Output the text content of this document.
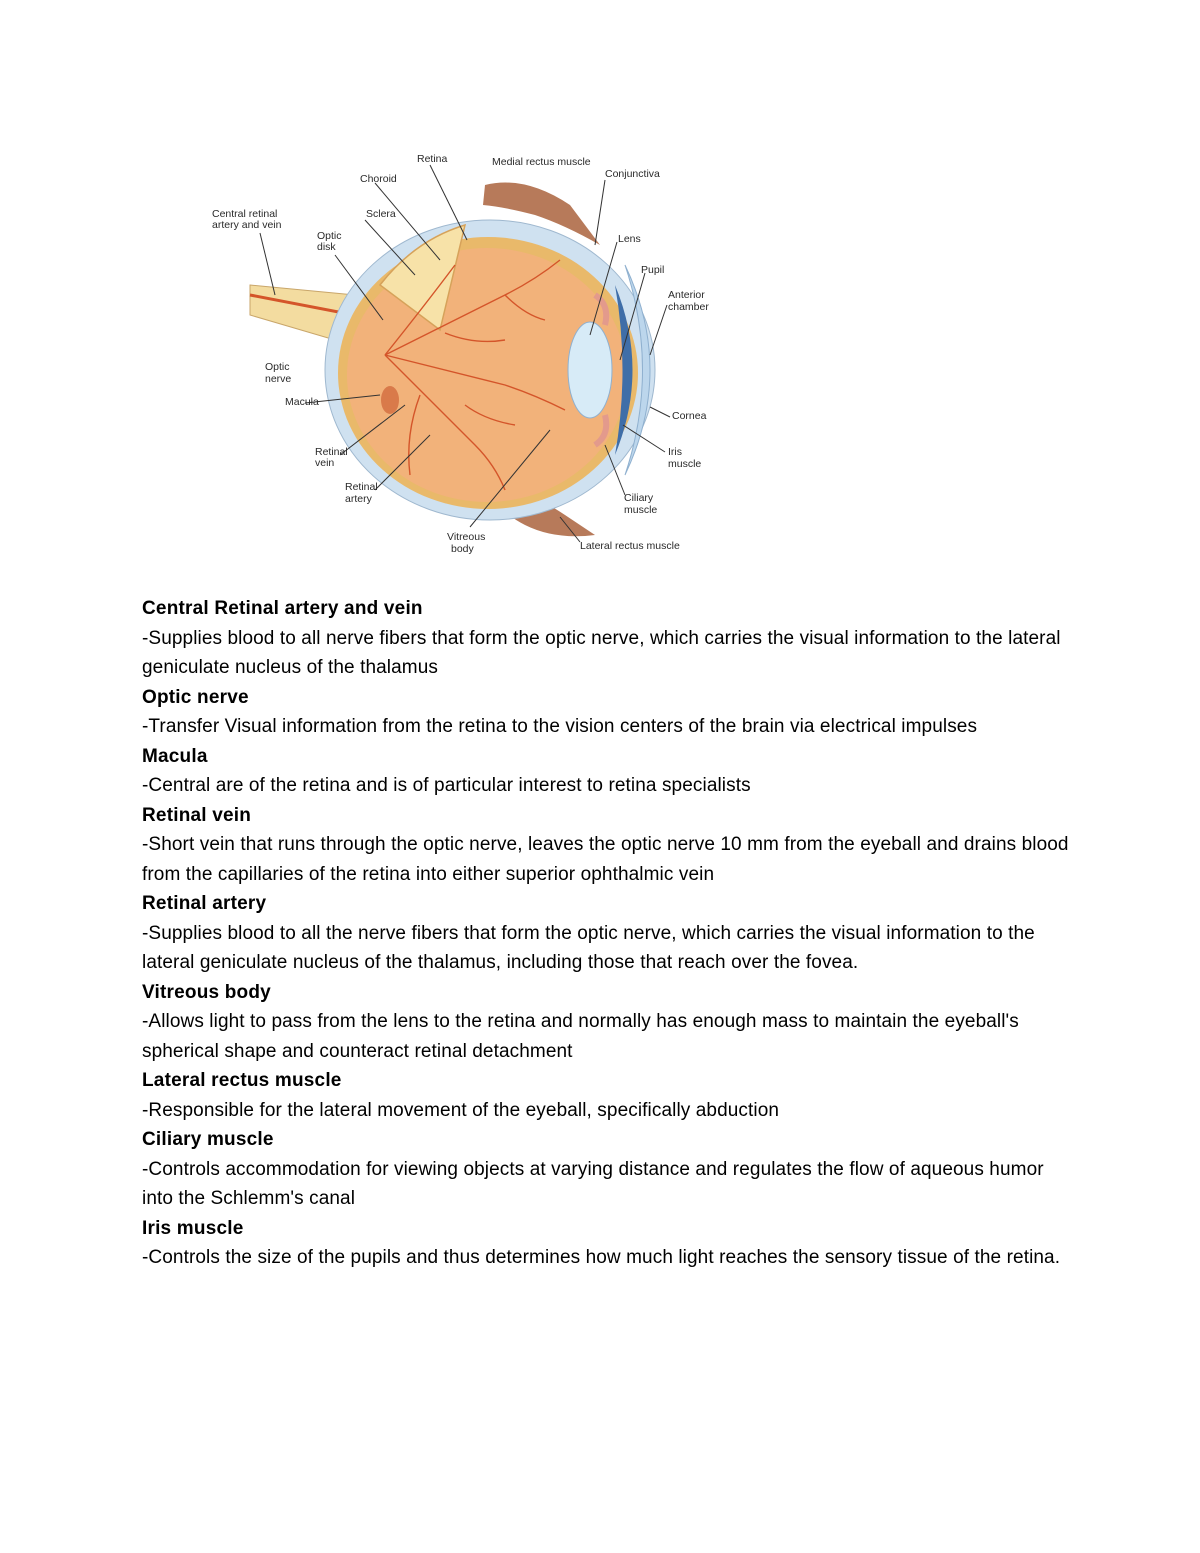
Retina	Medial rectus muscle
Choroid	Conjunctiva
Central retinal
artery and vein
Sclera
Optic
disk
Lens
Pupil
Anterior
chamber
Optic
nerve
Macula
Cornea
Retinal
vein
Iris
muscle
Retinal
artery	Ciliary
muscle
Vitreous
body	Lateral rectus muscle
Central Retinal artery and vein
-Supplies blood to all nerve fibers that form the optic nerve, which carries the visual information to the lateral geniculate nucleus of the thalamus
Optic nerve
-Transfer Visual information from the retina to the vision centers of the brain via electrical impulses
Macula
-Central are of the retina and is of particular interest to retina specialists
Retinal vein
-Short vein that runs through the optic nerve, leaves the optic nerve 10 mm from the eyeball and drains blood from the capillaries of the retina into either superior ophthalmic vein
Retinal artery
-Supplies blood to all the nerve fibers that form the optic nerve, which carries the visual information to the lateral geniculate nucleus of the thalamus, including those that reach over the fovea.
Vitreous body
-Allows light to pass from the lens to the retina and normally has enough mass to maintain the eyeball's spherical shape and counteract retinal detachment
Lateral rectus muscle
-Responsible for the lateral movement of the eyeball, specifically abduction
Ciliary muscle
-Controls accommodation for viewing objects at varying distance and regulates the flow of aqueous humor into the Schlemm's canal
Iris muscle
-Controls the size of the pupils and thus determines how much light reaches the sensory tissue of the retina.
